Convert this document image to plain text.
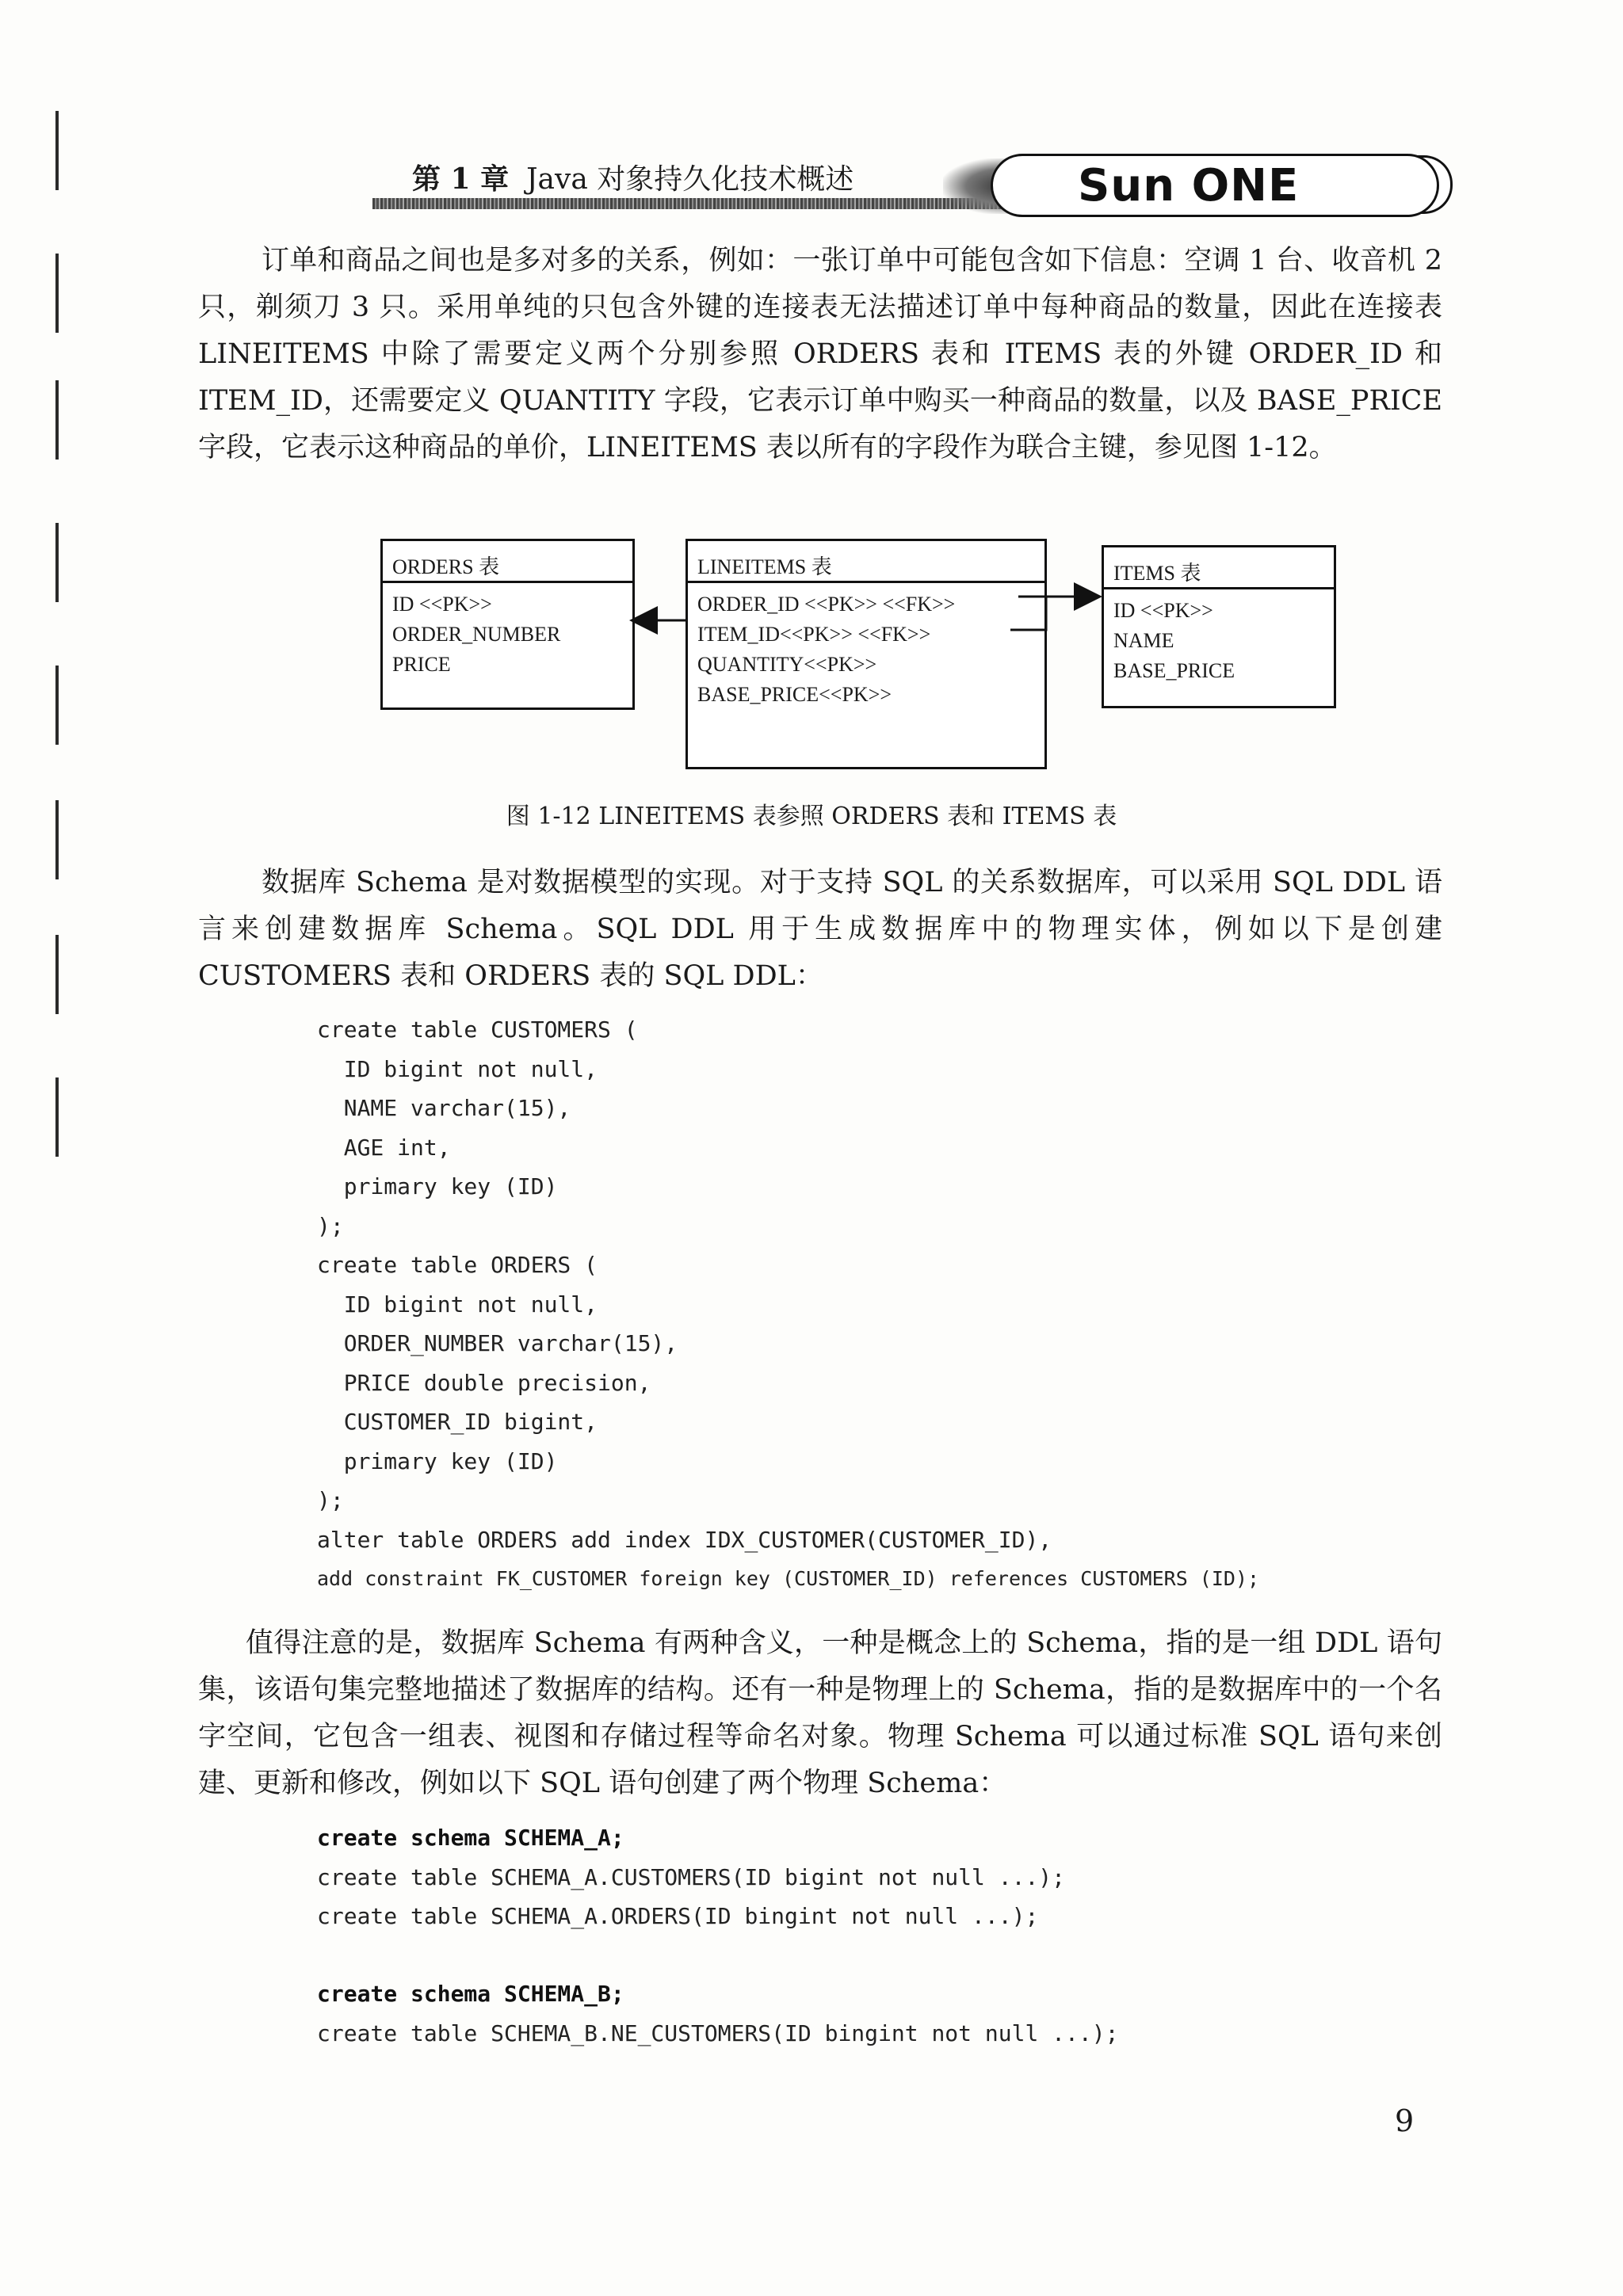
第 1 章 Java 对象持久化技术概述	Sun ONE
订单和商品之间也是多对多的关系，例如：一张订单中可能包含如下信息：空调 1 台、收音机 2 只，剃须刀 3 只。采用单纯的只包含外键的连接表无法描述订单中每种商品的数量，因此在连接表 LINEITEMS 中除了需要定义两个分别参照 ORDERS 表和 ITEMS 表的外键 ORDER_ID 和 ITEM_ID，还需要定义 QUANTITY 字段，它表示订单中购买一种商品的数量，以及 BASE_PRICE 字段，它表示这种商品的单价，LINEITEMS 表以所有的字段作为联合主键，参见图 1-12。
ORDERS 表
ID <<PK>>
ORDER_NUMBER
PRICE
LINEITEMS 表
ORDER_ID <<PK>> <<FK>>
ITEM_ID<<PK>> <<FK>>
QUANTITY<<PK>>
BASE_PRICE<<PK>>
ITEMS 表
ID <<PK>>
NAME
BASE_PRICE
图 1-12 LINEITEMS 表参照 ORDERS 表和 ITEMS 表
数据库 Schema 是对数据模型的实现。对于支持 SQL 的关系数据库，可以采用 SQL DDL 语言来创建数据库 Schema。SQL DDL 用于生成数据库中的物理实体，例如以下是创建 CUSTOMERS 表和 ORDERS 表的 SQL DDL：
create table CUSTOMERS (
ID bigint not null,
NAME varchar(15),
AGE int,
primary key (ID)
);
create table ORDERS (
ID bigint not null,
ORDER_NUMBER varchar(15),
PRICE double precision,
CUSTOMER_ID bigint,
primary key (ID)
);
alter table ORDERS add index IDX_CUSTOMER(CUSTOMER_ID),
add constraint FK_CUSTOMER foreign key (CUSTOMER_ID) references CUSTOMERS (ID);
值得注意的是，数据库 Schema 有两种含义，一种是概念上的 Schema，指的是一组 DDL 语句集，该语句集完整地描述了数据库的结构。还有一种是物理上的 Schema，指的是数据库中的一个名字空间，它包含一组表、视图和存储过程等命名对象。物理 Schema 可以通过标准 SQL 语句来创建、更新和修改，例如以下 SQL 语句创建了两个物理 Schema：
create schema SCHEMA_A;
create table SCHEMA_A.CUSTOMERS(ID bigint not null ...);
create table SCHEMA_A.ORDERS(ID bingint not null ...);
create schema SCHEMA_B;
create table SCHEMA_B.NE_CUSTOMERS(ID bingint not null ...);
9
